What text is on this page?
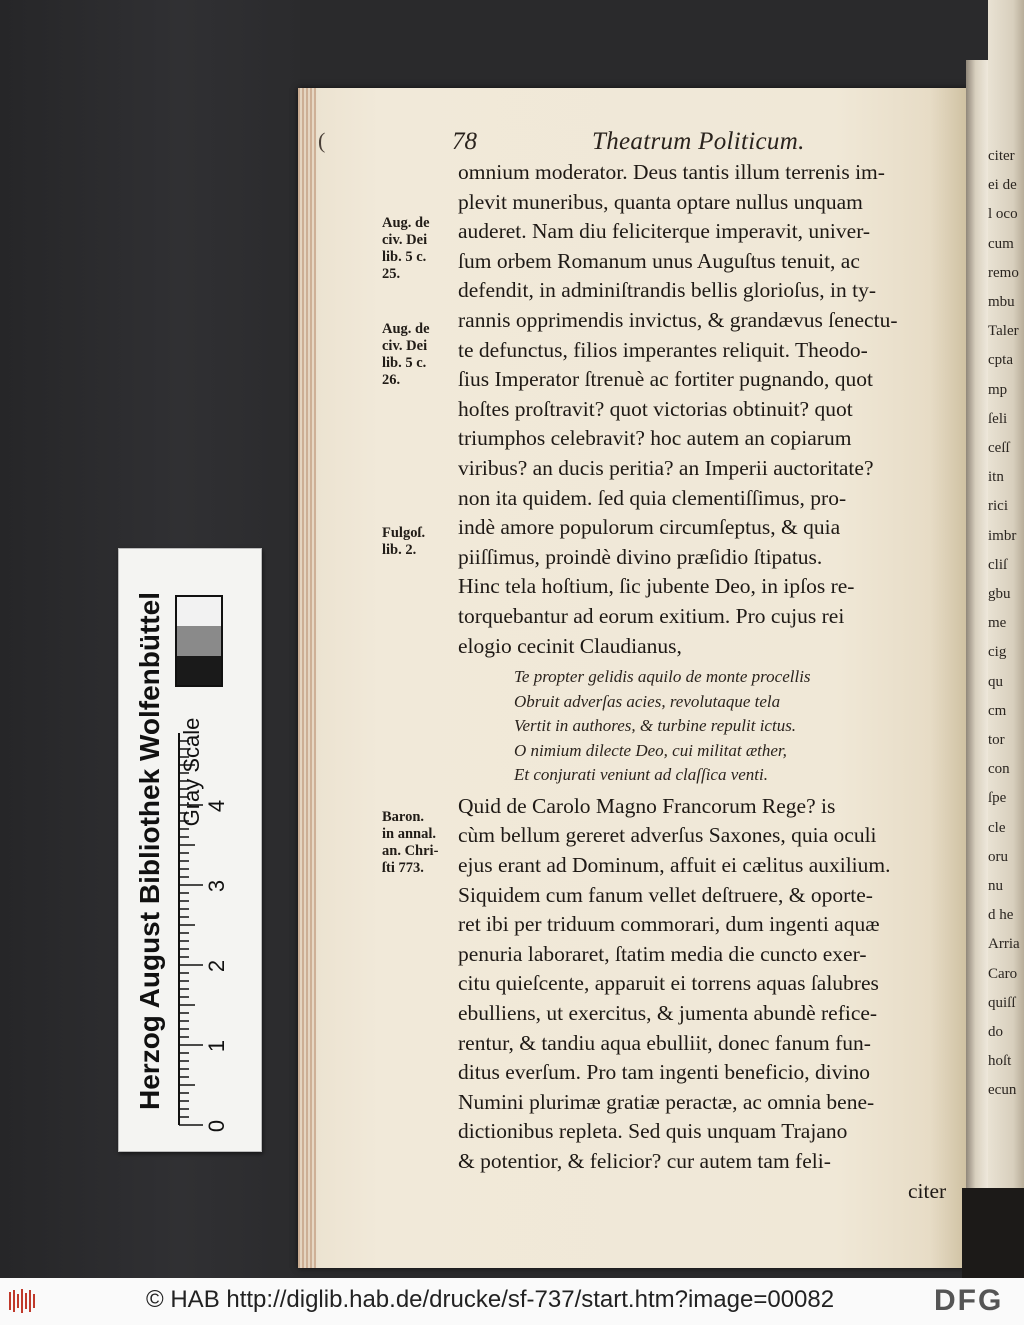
citer
ei de
l oco
cum
remo
mbu
Taler
cpta
mp
ſeli
ceſſ
itn
rici
imbr
cliſ
gbu
me
cig
qu
cm
tor
con
ſpe
cle
oru
nu
d he
Arria
Caro
quiſſ
do
hoſt
ecun
(	78	Theatrum Politicum.
omnium moderator. Deus tantis illum terrenis im-
plevit muneribus, quanta optare nullus unquam
auderet. Nam diu feliciterque imperavit, univer-
ſum orbem Romanum unus Auguſtus tenuit, ac
defendit, in adminiſtrandis bellis glorioſus, in ty-
rannis opprimendis invictus, & grandævus ſenectu-
te defunctus, filios imperantes reliquit. Theodo-
ſius Imperator ſtrenuè ac fortiter pugnando, quot
hoſtes proſtravit? quot victorias obtinuit? quot
triumphos celebravit? hoc autem an copiarum
viribus? an ducis peritia? an Imperii auctoritate?
non ita quidem. ſed quia clementiſſimus, pro-
indè amore populorum circumſeptus, & quia
piiſſimus, proindè divino præſidio ſtipatus.
Hinc tela hoſtium, ſic jubente Deo, in ipſos re-
torquebantur ad eorum exitium. Pro cujus rei
elogio cecinit Claudianus,
Te propter gelidis aquilo de monte procellis
Obruit adverſas acies, revolutaque tela
Vertit in authores, & turbine repulit ictus.
O nimium dilecte Deo, cui militat æther,
Et conjurati veniunt ad claſſica venti.
Quid de Carolo Magno Francorum Rege? is
cùm bellum gereret adverſus Saxones, quia oculi
ejus erant ad Dominum, affuit ei cælitus auxilium.
Siquidem cum fanum vellet deſtruere, & oporte-
ret ibi per triduum commorari, dum ingenti aquæ
penuria laboraret, ſtatim media die cuncto exer-
citu quieſcente, apparuit ei torrens aquas ſalubres
ebulliens, ut exercitus, & jumenta abundè refice-
rentur, & tandiu aqua ebulliit, donec fanum fun-
ditus everſum. Pro tam ingenti beneficio, divino
Numini plurimæ gratiæ peractæ, ac omnia bene-
dictionibus repleta. Sed quis unquam Trajano
& potentior, & felicior? cur autem tam feli-
citer
Aug. de
civ. Dei
lib. 5 c.
25.
Aug. de
civ. Dei
lib. 5 c.
26.
Fulgoſ.
lib. 2.
Baron.
in annal.
an. Chri-
ſti 773.
Herzog August Bibliothek Wolfenbüttel Gray Scale
0
1
2
3
4
© HAB http://diglib.hab.de/drucke/sf-737/start.htm?image=00082	DFG
